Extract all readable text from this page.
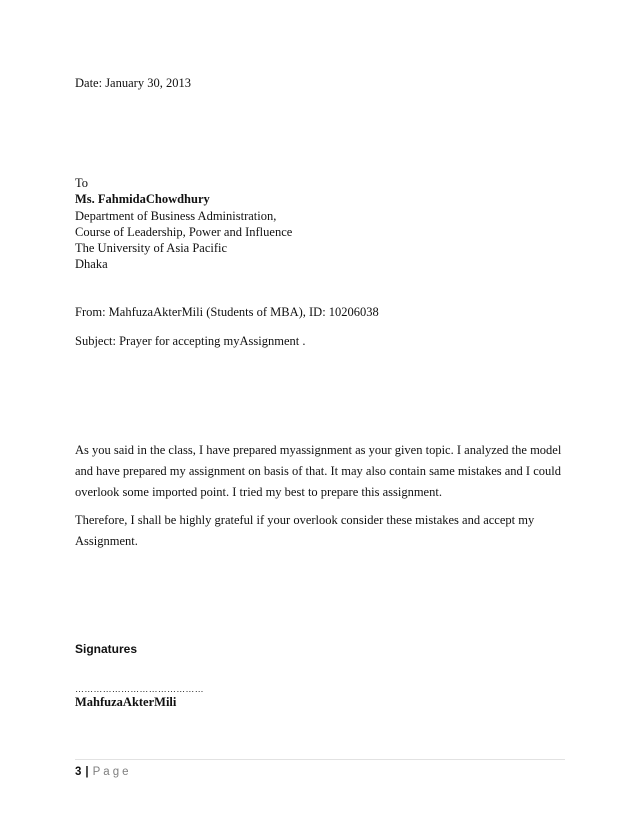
Date: January 30, 2013
To
Ms. FahmidaChowdhury
Department of Business Administration,
Course of Leadership, Power and Influence
The University of Asia Pacific
Dhaka
From: MahfuzaAkterMili (Students of MBA), ID: 10206038
Subject: Prayer for accepting myAssignment .
As you said in the class, I have prepared myassignment as your given topic. I analyzed the model
and have prepared my assignment on basis of that. It may also contain same mistakes and I could
overlook some imported point. I tried my best to prepare this assignment.
Therefore, I shall be highly grateful if your overlook consider these mistakes and accept my
Assignment.
Signatures
……………………………………
MahfuzaAkterMili
3 | Page
